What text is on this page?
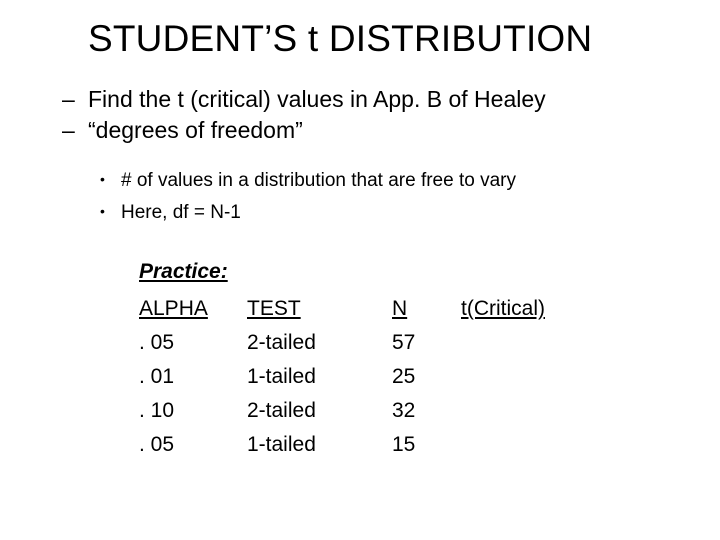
STUDENT’S t DISTRIBUTION
– Find the t (critical) values in App. B of Healey
– “degrees of freedom”
• # of values in a distribution that are free to vary
• Here, df = N-1
Practice:
ALPHA	TEST	N	t(Critical)
. 05	2-tailed	57
. 01	1-tailed	25
. 10	2-tailed	32
. 05	1-tailed	15
